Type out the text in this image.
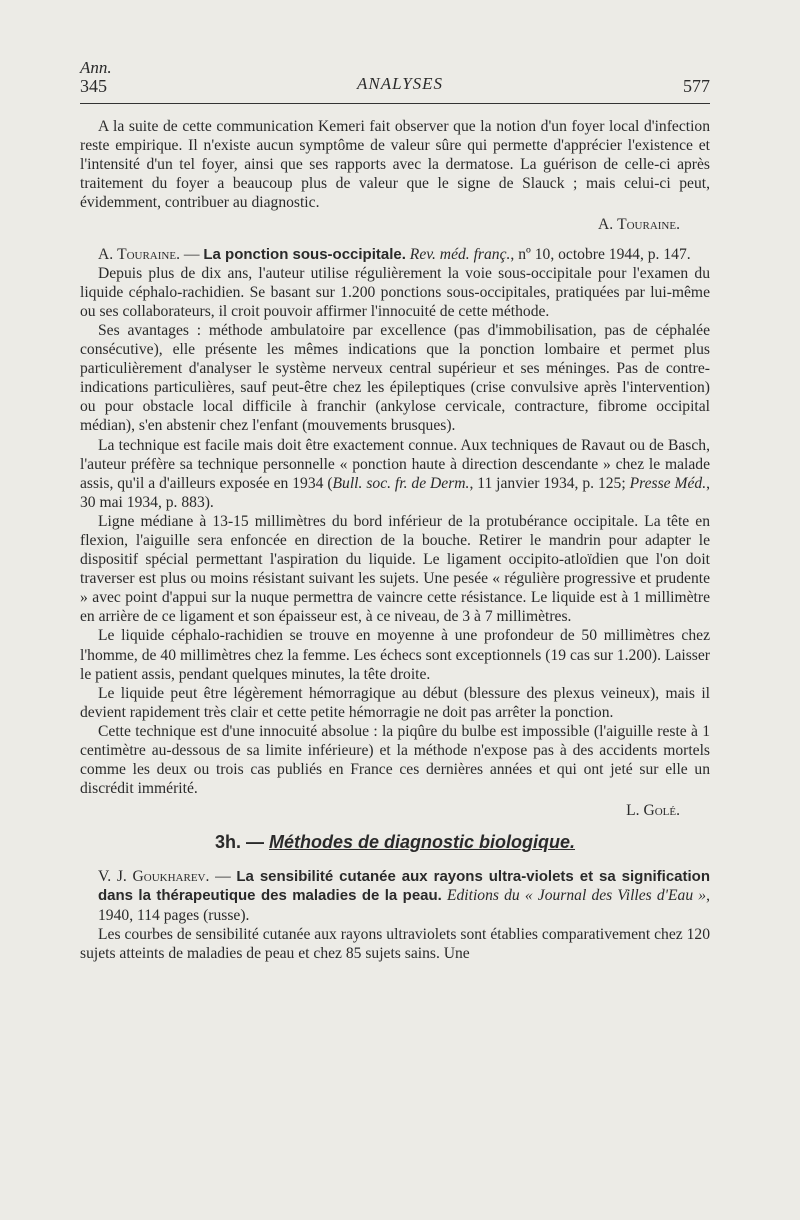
Ann.
345	ANALYSES	577

A la suite de cette communication Kemeri fait observer que la notion d'un foyer local d'infection reste empirique. Il n'existe aucun symptôme de valeur sûre qui permette d'apprécier l'existence et l'intensité d'un tel foyer, ainsi que ses rapports avec la dermatose. La guérison de celle-ci après traitement du foyer a beaucoup plus de valeur que le signe de Slauck ; mais celui-ci peut, évidemment, contribuer au diagnostic.

A. Touraine.

A. Touraine. — La ponction sous-occipitale. Rev. méd. franç., nº 10, octobre 1944, p. 147.

Depuis plus de dix ans, l'auteur utilise régulièrement la voie sous-occipitale pour l'examen du liquide céphalo-rachidien. Se basant sur 1.200 ponctions sous-occipitales, pratiquées par lui-même ou ses collaborateurs, il croit pouvoir affirmer l'innocuité de cette méthode.

Ses avantages : méthode ambulatoire par excellence (pas d'immobilisation, pas de céphalée consécutive), elle présente les mêmes indications que la ponction lombaire et permet plus particulièrement d'analyser le système nerveux central supérieur et ses méninges. Pas de contre-indications particulières, sauf peut-être chez les épileptiques (crise convulsive après l'intervention) ou pour obstacle local difficile à franchir (ankylose cervicale, contracture, fibrome occipital médian), s'en abstenir chez l'enfant (mouvements brusques).

La technique est facile mais doit être exactement connue. Aux techniques de Ravaut ou de Basch, l'auteur préfère sa technique personnelle « ponction haute à direction descendante » chez le malade assis, qu'il a d'ailleurs exposée en 1934 (Bull. soc. fr. de Derm., 11 janvier 1934, p. 125; Presse Méd., 30 mai 1934, p. 883).

Ligne médiane à 13-15 millimètres du bord inférieur de la protubérance occipitale. La tête en flexion, l'aiguille sera enfoncée en direction de la bouche. Retirer le mandrin pour adapter le dispositif spécial permettant l'aspiration du liquide. Le ligament occipito-atloïdien que l'on doit traverser est plus ou moins résistant suivant les sujets. Une pesée « régulière progressive et prudente » avec point d'appui sur la nuque permettra de vaincre cette résistance. Le liquide est à 1 millimètre en arrière de ce ligament et son épaisseur est, à ce niveau, de 3 à 7 millimètres.

Le liquide céphalo-rachidien se trouve en moyenne à une profondeur de 50 millimètres chez l'homme, de 40 millimètres chez la femme. Les échecs sont exceptionnels (19 cas sur 1.200). Laisser le patient assis, pendant quelques minutes, la tête droite.

Le liquide peut être légèrement hémorragique au début (blessure des plexus veineux), mais il devient rapidement très clair et cette petite hémorragie ne doit pas arrêter la ponction.

Cette technique est d'une innocuité absolue : la piqûre du bulbe est impossible (l'aiguille reste à 1 centimètre au-dessous de sa limite inférieure) et la méthode n'expose pas à des accidents mortels comme les deux ou trois cas publiés en France ces dernières années et qui ont jeté sur elle un discrédit immérité.

L. Golé.
3h. — Méthodes de diagnostic biologique.

V. J. Goukharev. — La sensibilité cutanée aux rayons ultra-violets et sa signification dans la thérapeutique des maladies de la peau. Editions du « Journal des Villes d'Eau », 1940, 114 pages (russe).

Les courbes de sensibilité cutanée aux rayons ultraviolets sont établies comparativement chez 120 sujets atteints de maladies de peau et chez 85 sujets sains. Une
